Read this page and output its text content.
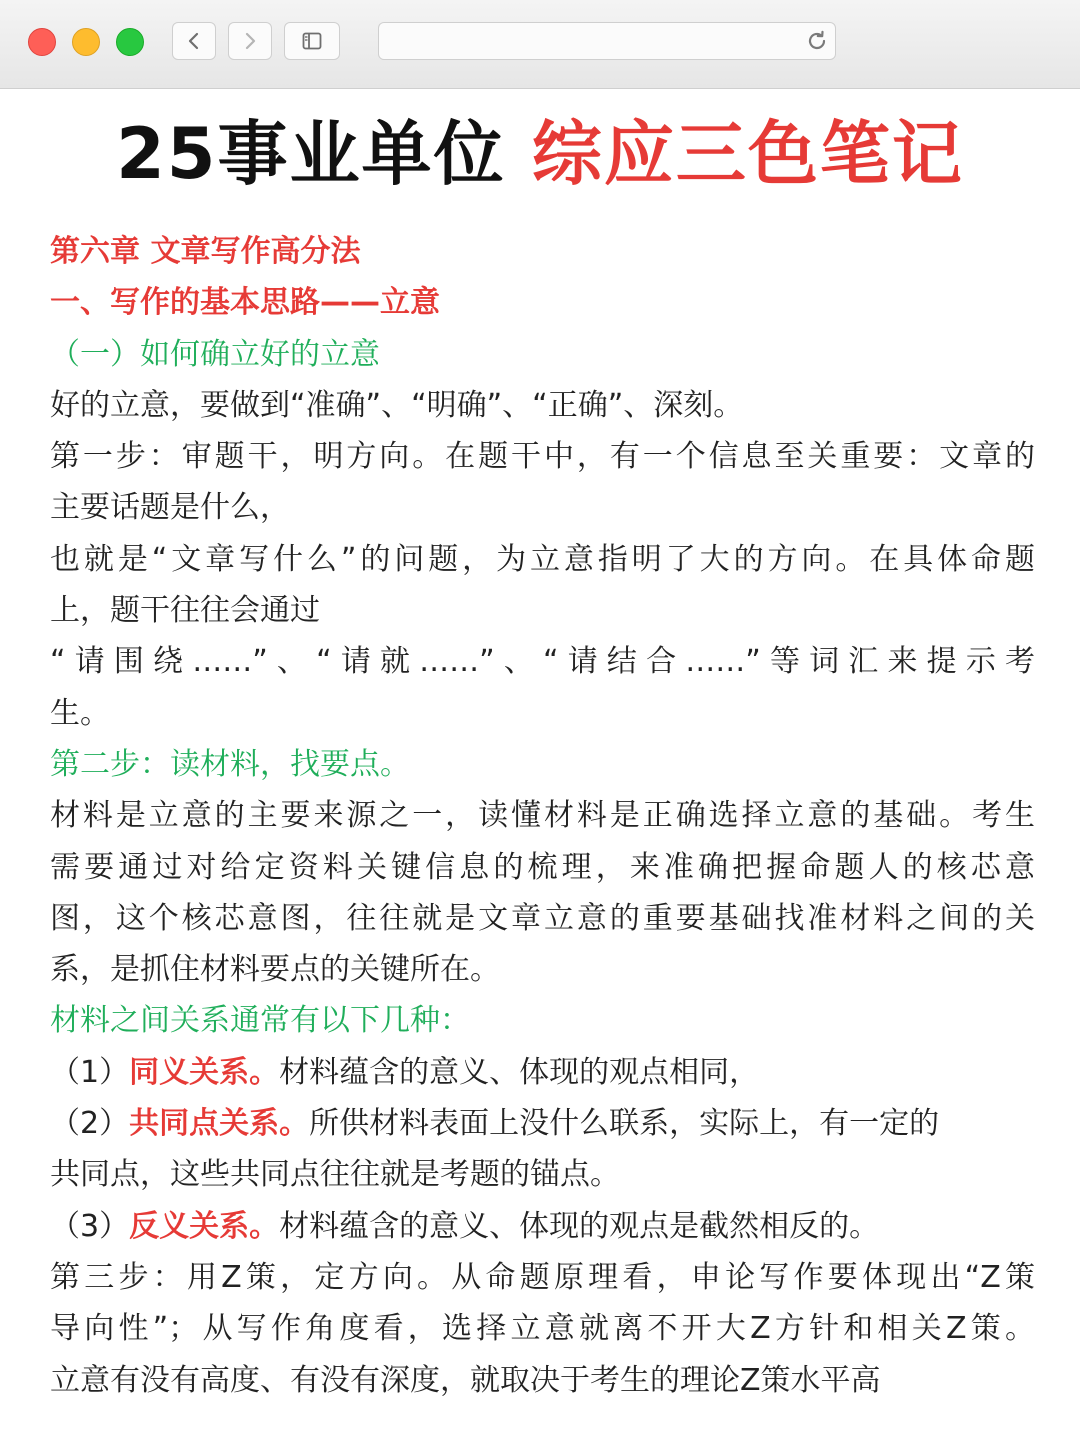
25事业单位 综应三色笔记
第六章 文章写作高分法
一、写作的基本思路——立意
（一）如何确立好的立意
好的立意，要做到“准确”、“明确”、“正确”、深刻。
第一步：审题干，明方向。在题干中，有一个信息至关重要：文章的
主要话题是什么，
也就是“文章写什么”的问题，为立意指明了大的方向。在具体命题
上，题干往往会通过
“请围绕……”、“请就……”、“请结合……”等词汇来提示考
生。
第二步：读材料，找要点。
材料是立意的主要来源之一，读懂材料是正确选择立意的基础。考生
需要通过对给定资料关键信息的梳理，来准确把握命题人的核芯意
图，这个核芯意图，往往就是文章立意的重要基础找准材料之间的关
系，是抓住材料要点的关键所在。
材料之间关系通常有以下几种：
（1）同义关系。材料蕴含的意义、体现的观点相同，
（2）共同点关系。所供材料表面上没什么联系，实际上，有一定的
共同点，这些共同点往往就是考题的锚点。
（3）反义关系。材料蕴含的意义、体现的观点是截然相反的。
第三步：用Z策，定方向。从命题原理看，申论写作要体现出“Z策
导向性”；从写作角度看，选择立意就离不开大Z方针和相关Z策。
立意有没有高度、有没有深度，就取决于考生的理论Z策水平高
